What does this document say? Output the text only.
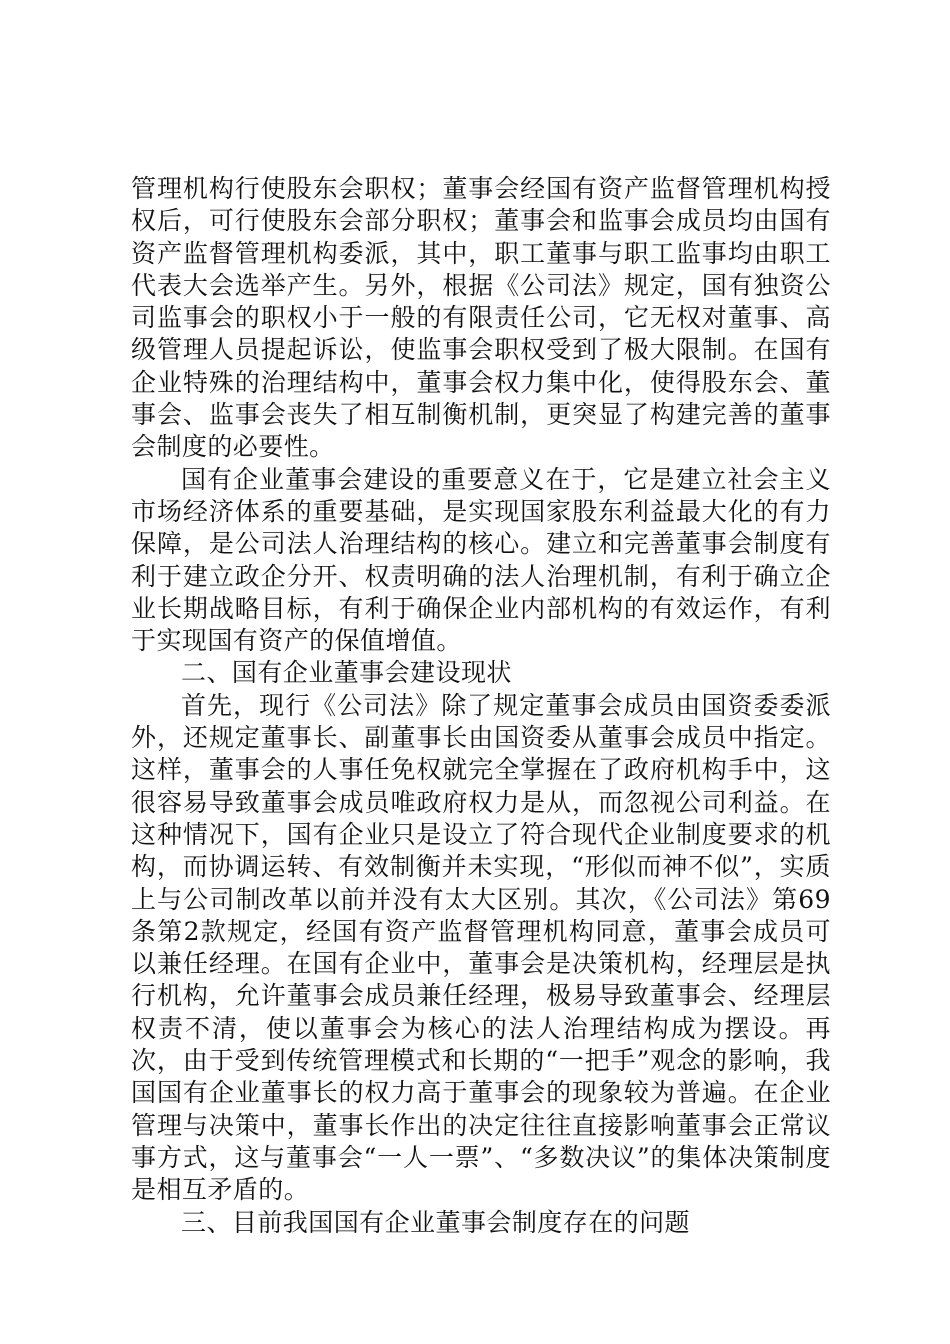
管理机构行使股东会职权；董事会经国有资产监督管理机构授权后，可行使股东会部分职权；董事会和监事会成员均由国有资产监督管理机构委派，其中，职工董事与职工监事均由职工代表大会选举产生。另外，根据《公司法》规定，国有独资公司监事会的职权小于一般的有限责任公司，它无权对董事、高级管理人员提起诉讼，使监事会职权受到了极大限制。在国有企业特殊的治理结构中，董事会权力集中化，使得股东会、董事会、监事会丧失了相互制衡机制，更突显了构建完善的董事会制度的必要性。

国有企业董事会建设的重要意义在于，它是建立社会主义市场经济体系的重要基础，是实现国家股东利益最大化的有力保障，是公司法人治理结构的核心。建立和完善董事会制度有利于建立政企分开、权责明确的法人治理机制，有利于确立企业长期战略目标，有利于确保企业内部机构的有效运作，有利于实现国有资产的保值增值。

二、国有企业董事会建设现状

首先，现行《公司法》除了规定董事会成员由国资委委派外，还规定董事长、副董事长由国资委从董事会成员中指定。这样，董事会的人事任免权就完全掌握在了政府机构手中，这很容易导致董事会成员唯政府权力是从，而忽视公司利益。在这种情况下，国有企业只是设立了符合现代企业制度要求的机构，而协调运转、有效制衡并未实现，“形似而神不似”，实质上与公司制改革以前并没有太大区别。其次，《公司法》第69条第2款规定，经国有资产监督管理机构同意，董事会成员可以兼任经理。在国有企业中，董事会是决策机构，经理层是执行机构，允许董事会成员兼任经理，极易导致董事会、经理层权责不清，使以董事会为核心的法人治理结构成为摆设。再次，由于受到传统管理模式和长期的“一把手”观念的影响，我国国有企业董事长的权力高于董事会的现象较为普遍。在企业管理与决策中，董事长作出的决定往往直接影响董事会正常议事方式，这与董事会“一人一票”、“多数决议”的集体决策制度是相互矛盾的。

三、目前我国国有企业董事会制度存在的问题
